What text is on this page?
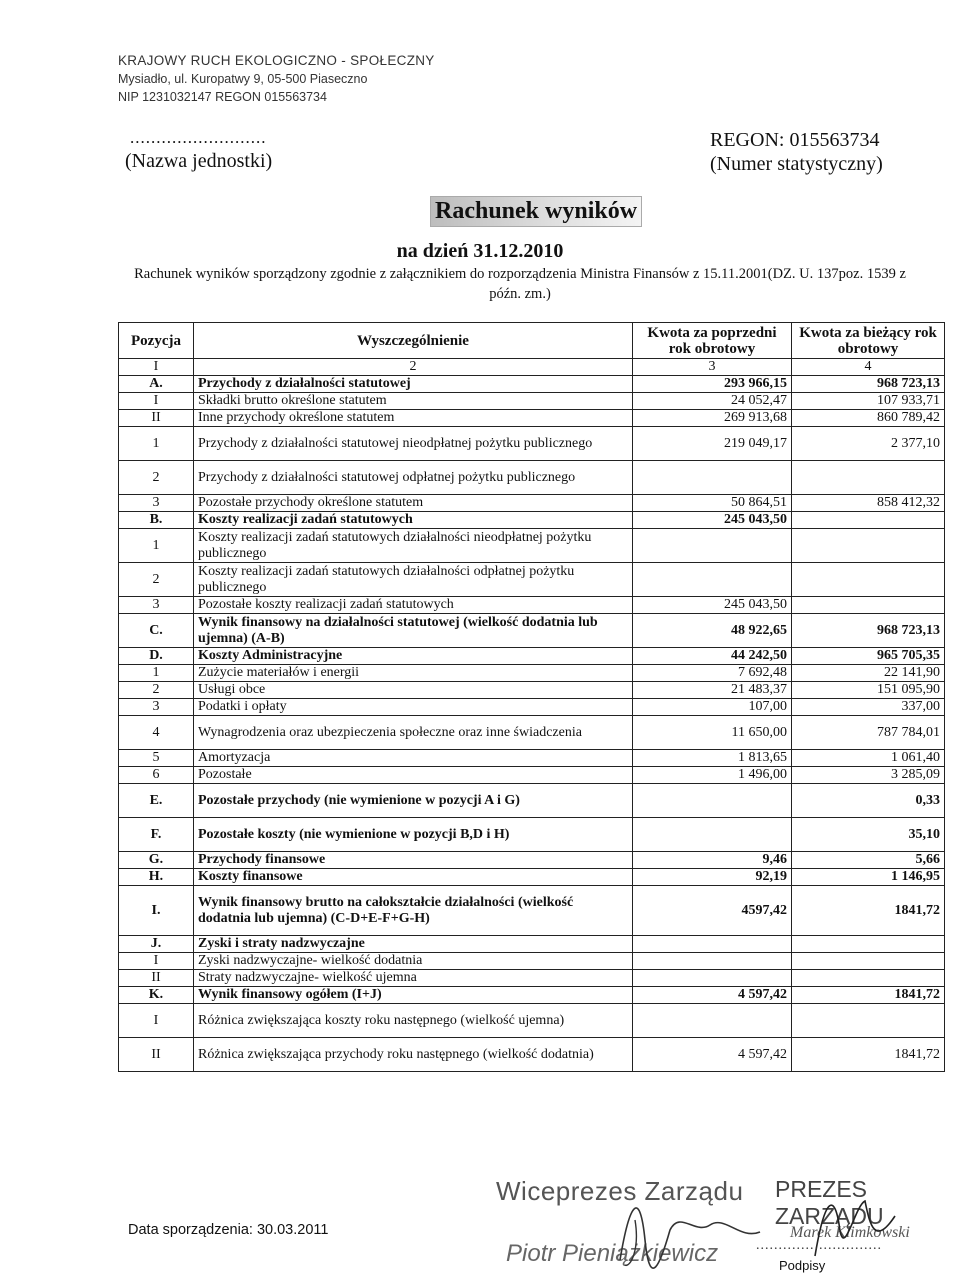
KRAJOWY RUCH EKOLOGICZNO - SPOŁECZNY
Mysiadło, ul. Kuropatwy 9, 05-500 Piaseczno
NIP 1231032147 REGON 015563734
..........................
(Nazwa jednostki)
REGON: 015563734
(Numer statystyczny)
Rachunek wyników
na dzień 31.12.2010
Rachunek wyników sporządzony zgodnie z załącznikiem do rozporządzenia Ministra Finansów z 15.11.2001(DZ. U. 137poz. 1539 z późn. zm.)
Pozycja	Wyszczególnienie	Kwota za poprzedni rok obrotowy	Kwota za bieżący rok obrotowy
I	2	3	4
A.	Przychody z działalności statutowej	293 966,15	968 723,13
I	Składki brutto określone statutem	24 052,47	107 933,71
II	Inne przychody określone statutem	269 913,68	860 789,42
1	Przychody z działalności statutowej nieodpłatnej pożytku publicznego	219 049,17	2 377,10
2	Przychody z działalności statutowej odpłatnej pożytku publicznego		
3	Pozostałe przychody określone statutem	50 864,51	858 412,32
B.	Koszty realizacji zadań statutowych	245 043,50	
1	Koszty realizacji zadań statutowych działalności nieodpłatnej pożytku publicznego		
2	Koszty realizacji zadań statutowych działalności odpłatnej pożytku publicznego		
3	Pozostałe koszty realizacji zadań statutowych	245 043,50	
C.	Wynik finansowy na działalności statutowej (wielkość dodatnia lub ujemna) (A-B)	48 922,65	968 723,13
D.	Koszty Administracyjne	44 242,50	965 705,35
1	Zużycie materiałów i energii	7 692,48	22 141,90
2	Usługi obce	21 483,37	151 095,90
3	Podatki i opłaty	107,00	337,00
4	Wynagrodzenia oraz ubezpieczenia społeczne oraz inne świadczenia	11 650,00	787 784,01
5	Amortyzacja	1 813,65	1 061,40
6	Pozostałe	1 496,00	3 285,09
E.	Pozostałe przychody (nie wymienione w pozycji A i G)		0,33
F.	Pozostałe koszty (nie wymienione w pozycji B,D i H)		35,10
G.	Przychody finansowe	9,46	5,66
H.	Koszty finansowe	92,19	1 146,95
I.	Wynik finansowy brutto na całokształcie działalności (wielkość dodatnia lub ujemna) (C-D+E-F+G-H)	4597,42	1841,72
J.	Zyski i straty nadzwyczajne		
I	Zyski nadzwyczajne- wielkość dodatnia		
II	Straty nadzwyczajne- wielkość ujemna		
K.	Wynik finansowy ogółem (I+J)	4 597,42	1841,72
I	Różnica zwiększająca koszty roku następnego (wielkość ujemna)		
II	Różnica zwiększająca przychody roku następnego (wielkość dodatnia)	4 597,42	1841,72
Data sporządzenia: 30.03.2011
Wiceprezes Zarządu
Piotr Pieniążkiewicz
PREZES ZARZĄDU
Marek Klimkowski
............................
Podpisy
